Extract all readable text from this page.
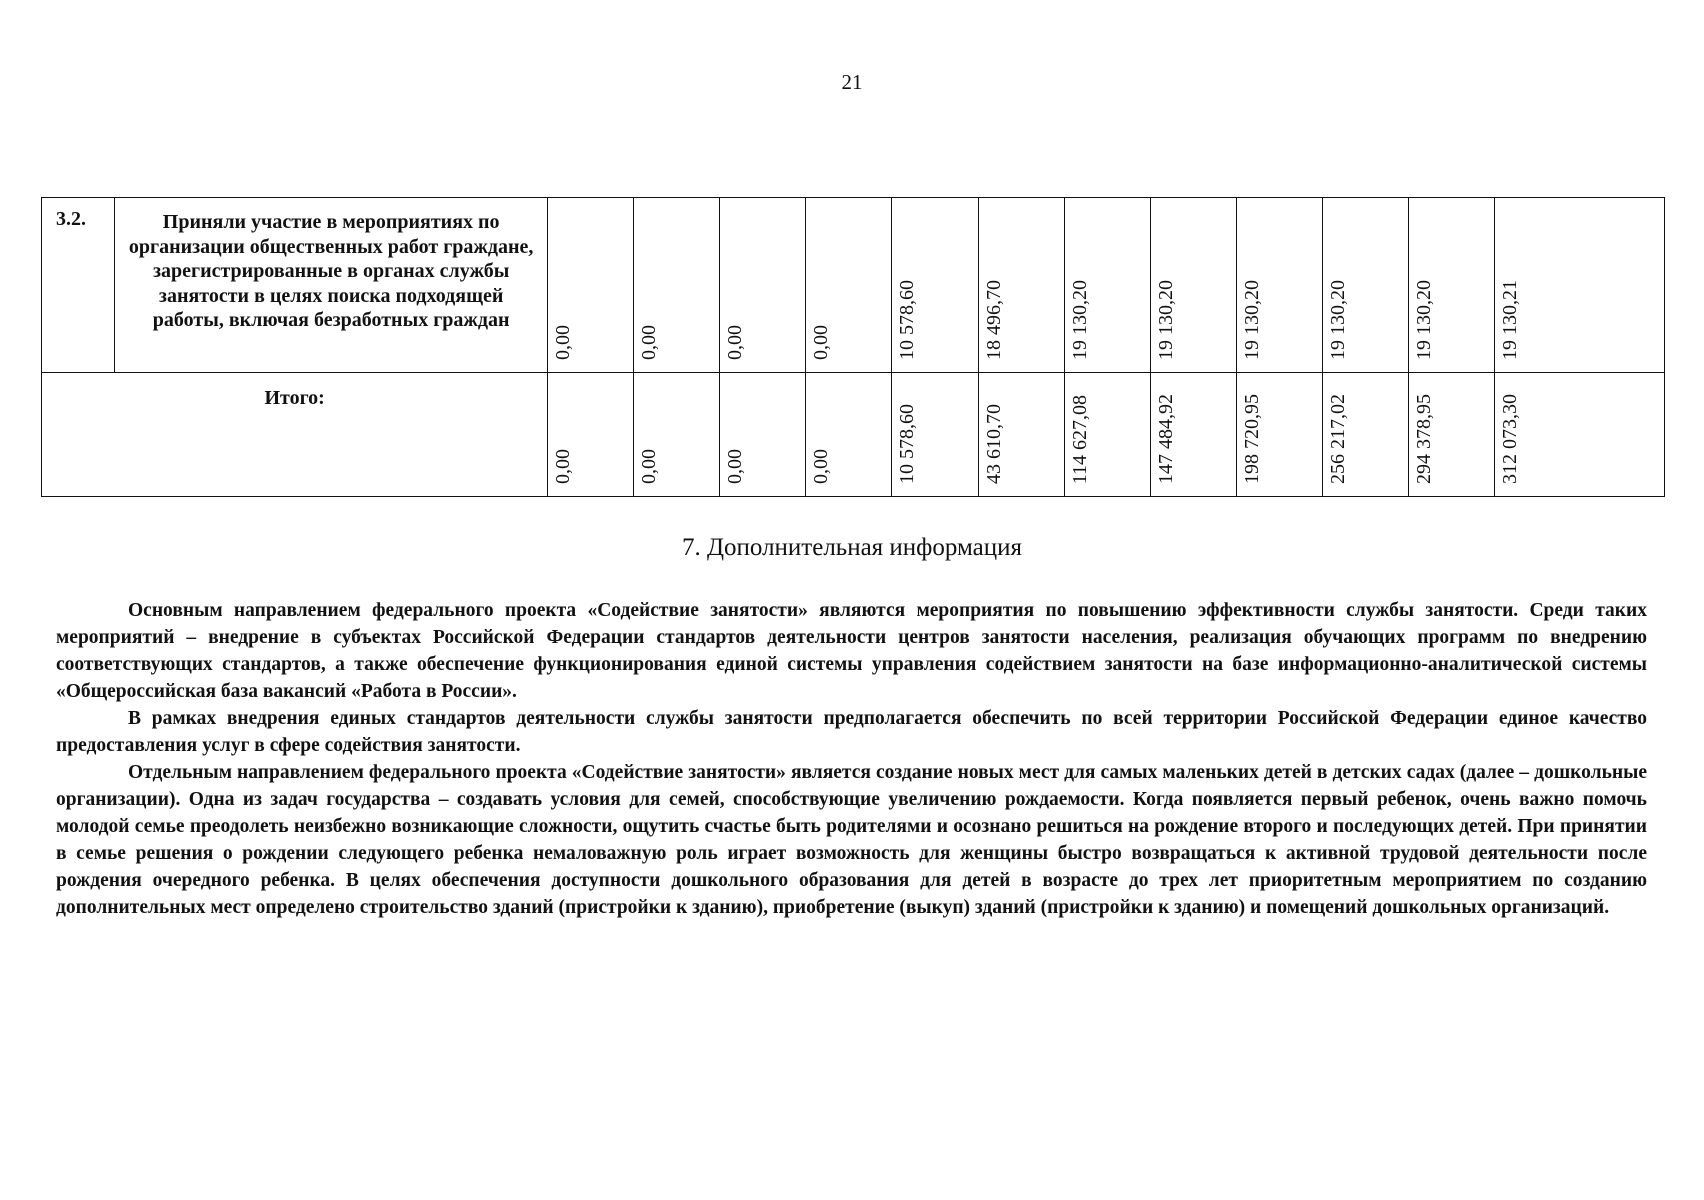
21
3.2.	Приняли участие в мероприятиях по организации общественных работ граждане, зарегистрированные в органах службы занятости в целях поиска подходящей работы, включая безработных граждан	0,00	0,00	0,00	0,00	10 578,60	18 496,70	19 130,20	19 130,20	19 130,20	19 130,20	19 130,20	19 130,21

Итого:		0,00	0,00	0,00	0,00	10 578,60	43 610,70	114 627,08	147 484,92	198 720,95	256 217,02	294 378,95	312 073,30
7. Дополнительная информация

Основным направлением федерального проекта «Содействие занятости» являются мероприятия по повышению эффективности службы занятости. Среди таких мероприятий – внедрение в субъектах Российской Федерации стандартов деятельности центров занятости населения, реализация обучающих программ по внедрению соответствующих стандартов, а также обеспечение функционирования единой системы управления содействием занятости на базе информационно-аналитической системы «Общероссийская база вакансий «Работа в России».

В рамках внедрения единых стандартов деятельности службы занятости предполагается обеспечить по всей территории Российской Федерации единое качество предоставления услуг в сфере содействия занятости.

Отдельным направлением федерального проекта «Содействие занятости» является создание новых мест для самых маленьких детей в детских садах (далее – дошкольные организации). Одна из задач государства – создавать условия для семей, способствующие увеличению рождаемости. Когда появляется первый ребенок, очень важно помочь молодой семье преодолеть неизбежно возникающие сложности, ощутить счастье быть родителями и осознано решиться на рождение второго и последующих детей. При принятии в семье решения о рождении следующего ребенка немаловажную роль играет возможность для женщины быстро возвращаться к активной трудовой деятельности после рождения очередного ребенка. В целях обеспечения доступности дошкольного образования для детей в возрасте до трех лет приоритетным мероприятием по созданию дополнительных мест определено строительство зданий (пристройки к зданию), приобретение (выкуп) зданий (пристройки к зданию) и помещений дошкольных организаций.
